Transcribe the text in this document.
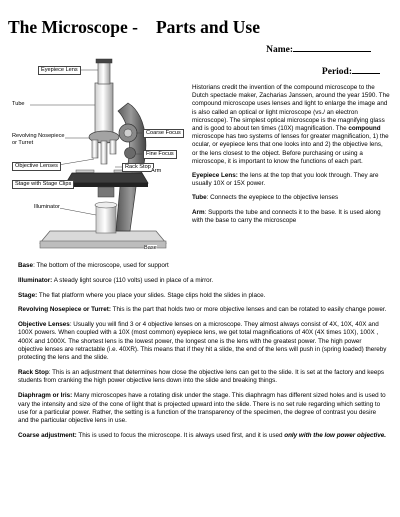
The Microscope - Parts and Use
Name:
Period:
Eyepiece Lens
Tube
Revolving Nosepiece
or Turret
Coarse Focus
Fine Focus
Objective Lenses	Rack Stop
Arm
Stage with Stage Clips
Illuminator
Base

Historians credit the invention of the compound microscope to the Dutch spectacle maker, Zacharias Janssen, around the year 1590. The compound microscope uses lenses and light to enlarge the image and is also called an optical or light microscope (vs./ an electron microscope). The simplest optical microscope is the magnifying glass and is good to about ten times (10X) magnification. The compound microscope has two systems of lenses for greater magnification, 1) the ocular, or eyepiece lens that one looks into and 2) the objective lens, or the lens closest to the object. Before purchasing or using a microscope, it is important to know the functions of each part.

Eyepiece Lens: the lens at the top that you look through. They are usually 10X or 15X power.

Tube: Connects the eyepiece to the objective lenses

Arm: Supports the tube and connects it to the base. It is used along with the base to carry the microscope

Base: The bottom of the microscope, used for support

Illuminator: A steady light source (110 volts) used in place of a mirror.

Stage: The flat platform where you place your slides. Stage clips hold the slides in place.

Revolving Nosepiece or Turret: This is the part that holds two or more objective lenses and can be rotated to easily change power.

Objective Lenses: Usually you will find 3 or 4 objective lenses on a microscope. They almost always consist of 4X, 10X, 40X and 100X powers. When coupled with a 10X (most common) eyepiece lens, we get total magnifications of 40X (4X times 10X), 100X , 400X and 1000X. The shortest lens is the lowest power, the longest one is the lens with the greatest power. The high power objective lenses are retractable (i.e. 40XR). This means that if they hit a slide, the end of the lens will push in (spring loaded) thereby protecting the lens and the slide.

Rack Stop: This is an adjustment that determines how close the objective lens can get to the slide. It is set at the factory and keeps students from cranking the high power objective lens down into the slide and breaking things.

Diaphragm or Iris: Many microscopes have a rotating disk under the stage. This diaphragm has different sized holes and is used to vary the intensity and size of the cone of light that is projected upward into the slide. There is no set rule regarding which setting to use for a particular power. Rather, the setting is a function of the transparency of the specimen, the degree of contrast you desire and the particular objective lens in use.

Coarse adjustment: This is used to focus the microscope. It is always used first, and it is used only with the low power objective.
